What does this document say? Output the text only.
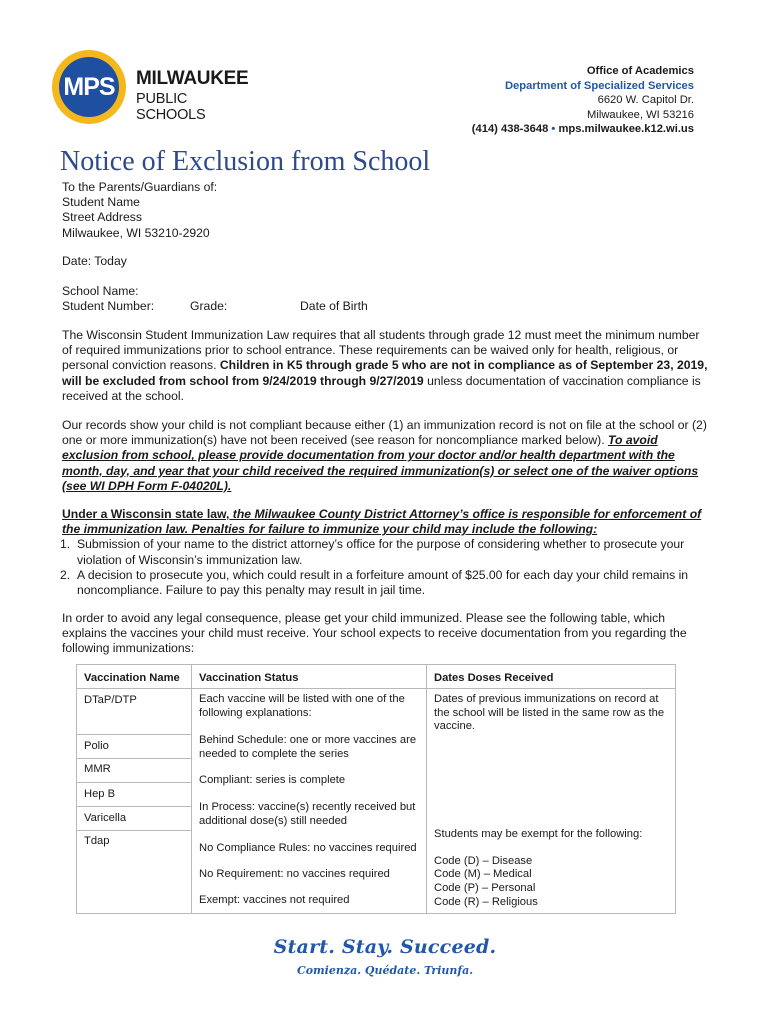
MPS MILWAUKEE
PUBLIC SCHOOLS
Office of Academics
Department of Specialized Services
6620 W. Capitol Dr.
Milwaukee, WI 53216
(414) 438-3648 • mps.milwaukee.k12.wi.us
Notice of Exclusion from School
To the Parents/Guardians of:
Student Name
Street Address
Milwaukee, WI 53210-2920
Date: Today
School Name:
Student Number:	Grade:	Date of Birth
The Wisconsin Student Immunization Law requires that all students through grade 12 must meet the minimum number of required immunizations prior to school entrance. These requirements can be waived only for health, religious, or personal conviction reasons. Children in K5 through grade 5 who are not in compliance as of September 23, 2019, will be excluded from school from 9/24/2019 through 9/27/2019 unless documentation of vaccination compliance is received at the school.
Our records show your child is not compliant because either (1) an immunization record is not on file at the school or (2) one or more immunization(s) have not been received (see reason for noncompliance marked below). To avoid exclusion from school, please provide documentation from your doctor and/or health department with the month, day, and year that your child received the required immunization(s) or select one of the waiver options (see WI DPH Form F-04020L).
Under a Wisconsin state law, the Milwaukee County District Attorney’s office is responsible for enforcement of the immunization law. Penalties for failure to immunize your child may include the following:
1. Submission of your name to the district attorney’s office for the purpose of considering whether to prosecute your violation of Wisconsin’s immunization law.
2. A decision to prosecute you, which could result in a forfeiture amount of $25.00 for each day your child remains in noncompliance. Failure to pay this penalty may result in jail time.
In order to avoid any legal consequence, please get your child immunized. Please see the following table, which explains the vaccines your child must receive. Your school expects to receive documentation from you regarding the following immunizations:
Vaccination Name
DTaP/DTP
Polio
MMR
Hep B
Varicella
Tdap
Vaccination Status
Each vaccine will be listed with one of the following explanations:
Behind Schedule: one or more vaccines are needed to complete the series
Compliant: series is complete
In Process: vaccine(s) recently received but additional dose(s) still needed
No Compliance Rules: no vaccines required
No Requirement: no vaccines required
Exempt: vaccines not required
Dates Doses Received
Dates of previous immunizations on record at the school will be listed in the same row as the vaccine.
Students may be exempt for the following:
Code (D) – Disease
Code (M) – Medical
Code (P) – Personal
Code (R) – Religious
Start. Stay. Succeed.
Comienza. Quédate. Triunfa.
